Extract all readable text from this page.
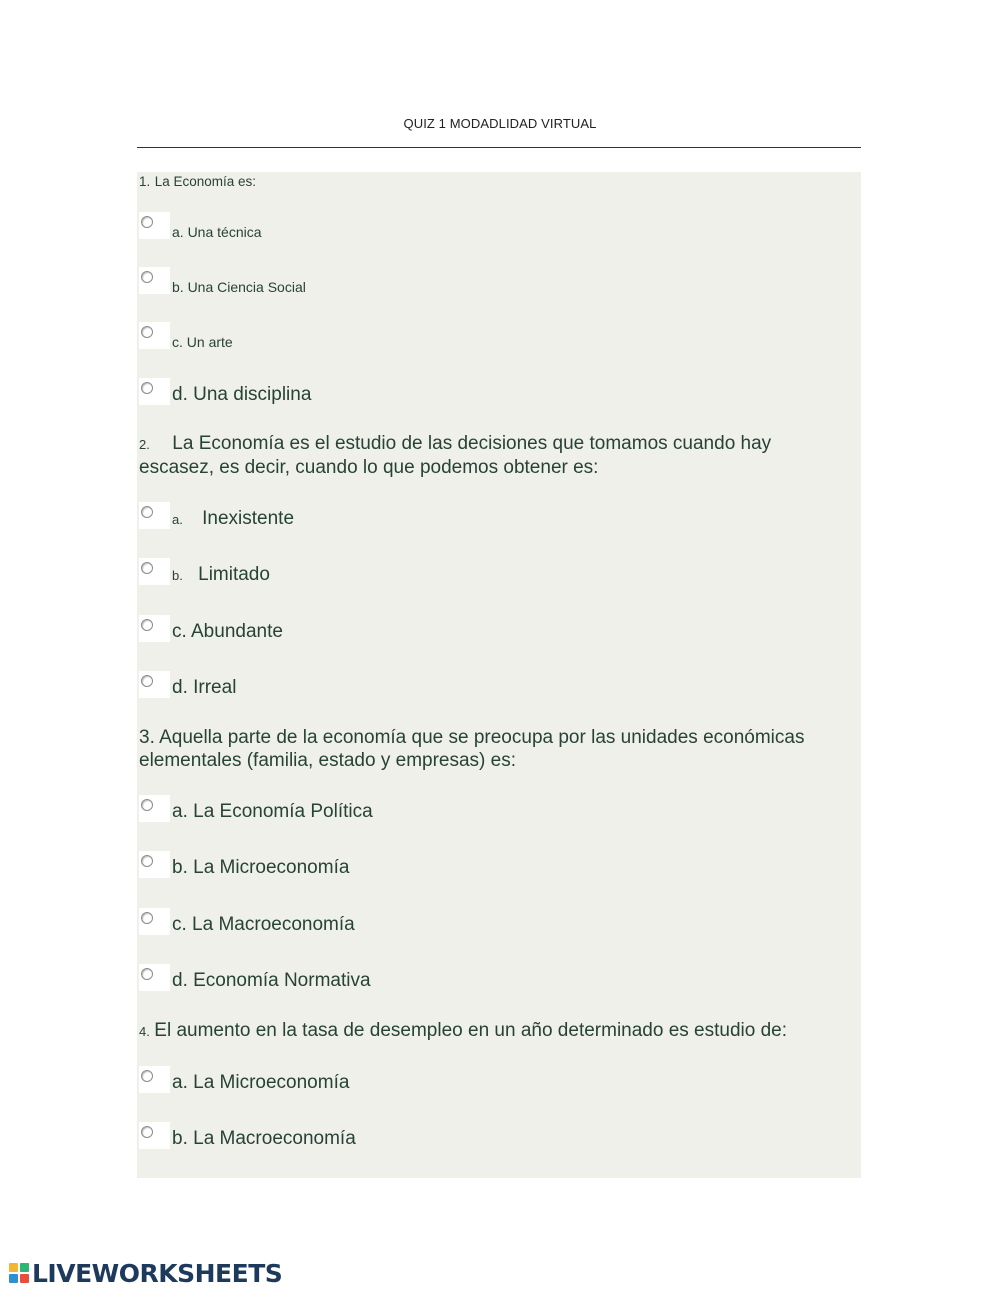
QUIZ 1 MODADLIDAD VIRTUAL
1. La Economía es:
a. Una técnica
b. Una Ciencia Social
c. Un arte
d. Una disciplina
2. La Economía es el estudio de las decisiones que tomamos cuando hay
escasez, es decir, cuando lo que podemos obtener es:
a. Inexistente
b. Limitado
c. Abundante
d. Irreal
3. Aquella parte de la economía que se preocupa por las unidades económicas
elementales (familia, estado y empresas) es:
a. La Economía Política
b. La Microeconomía
c. La Macroeconomía
d. Economía Normativa
4. El aumento en la tasa de desempleo en un año determinado es estudio de:
a. La Microeconomía
b. La Macroeconomía
LIVEWORKSHEETS
